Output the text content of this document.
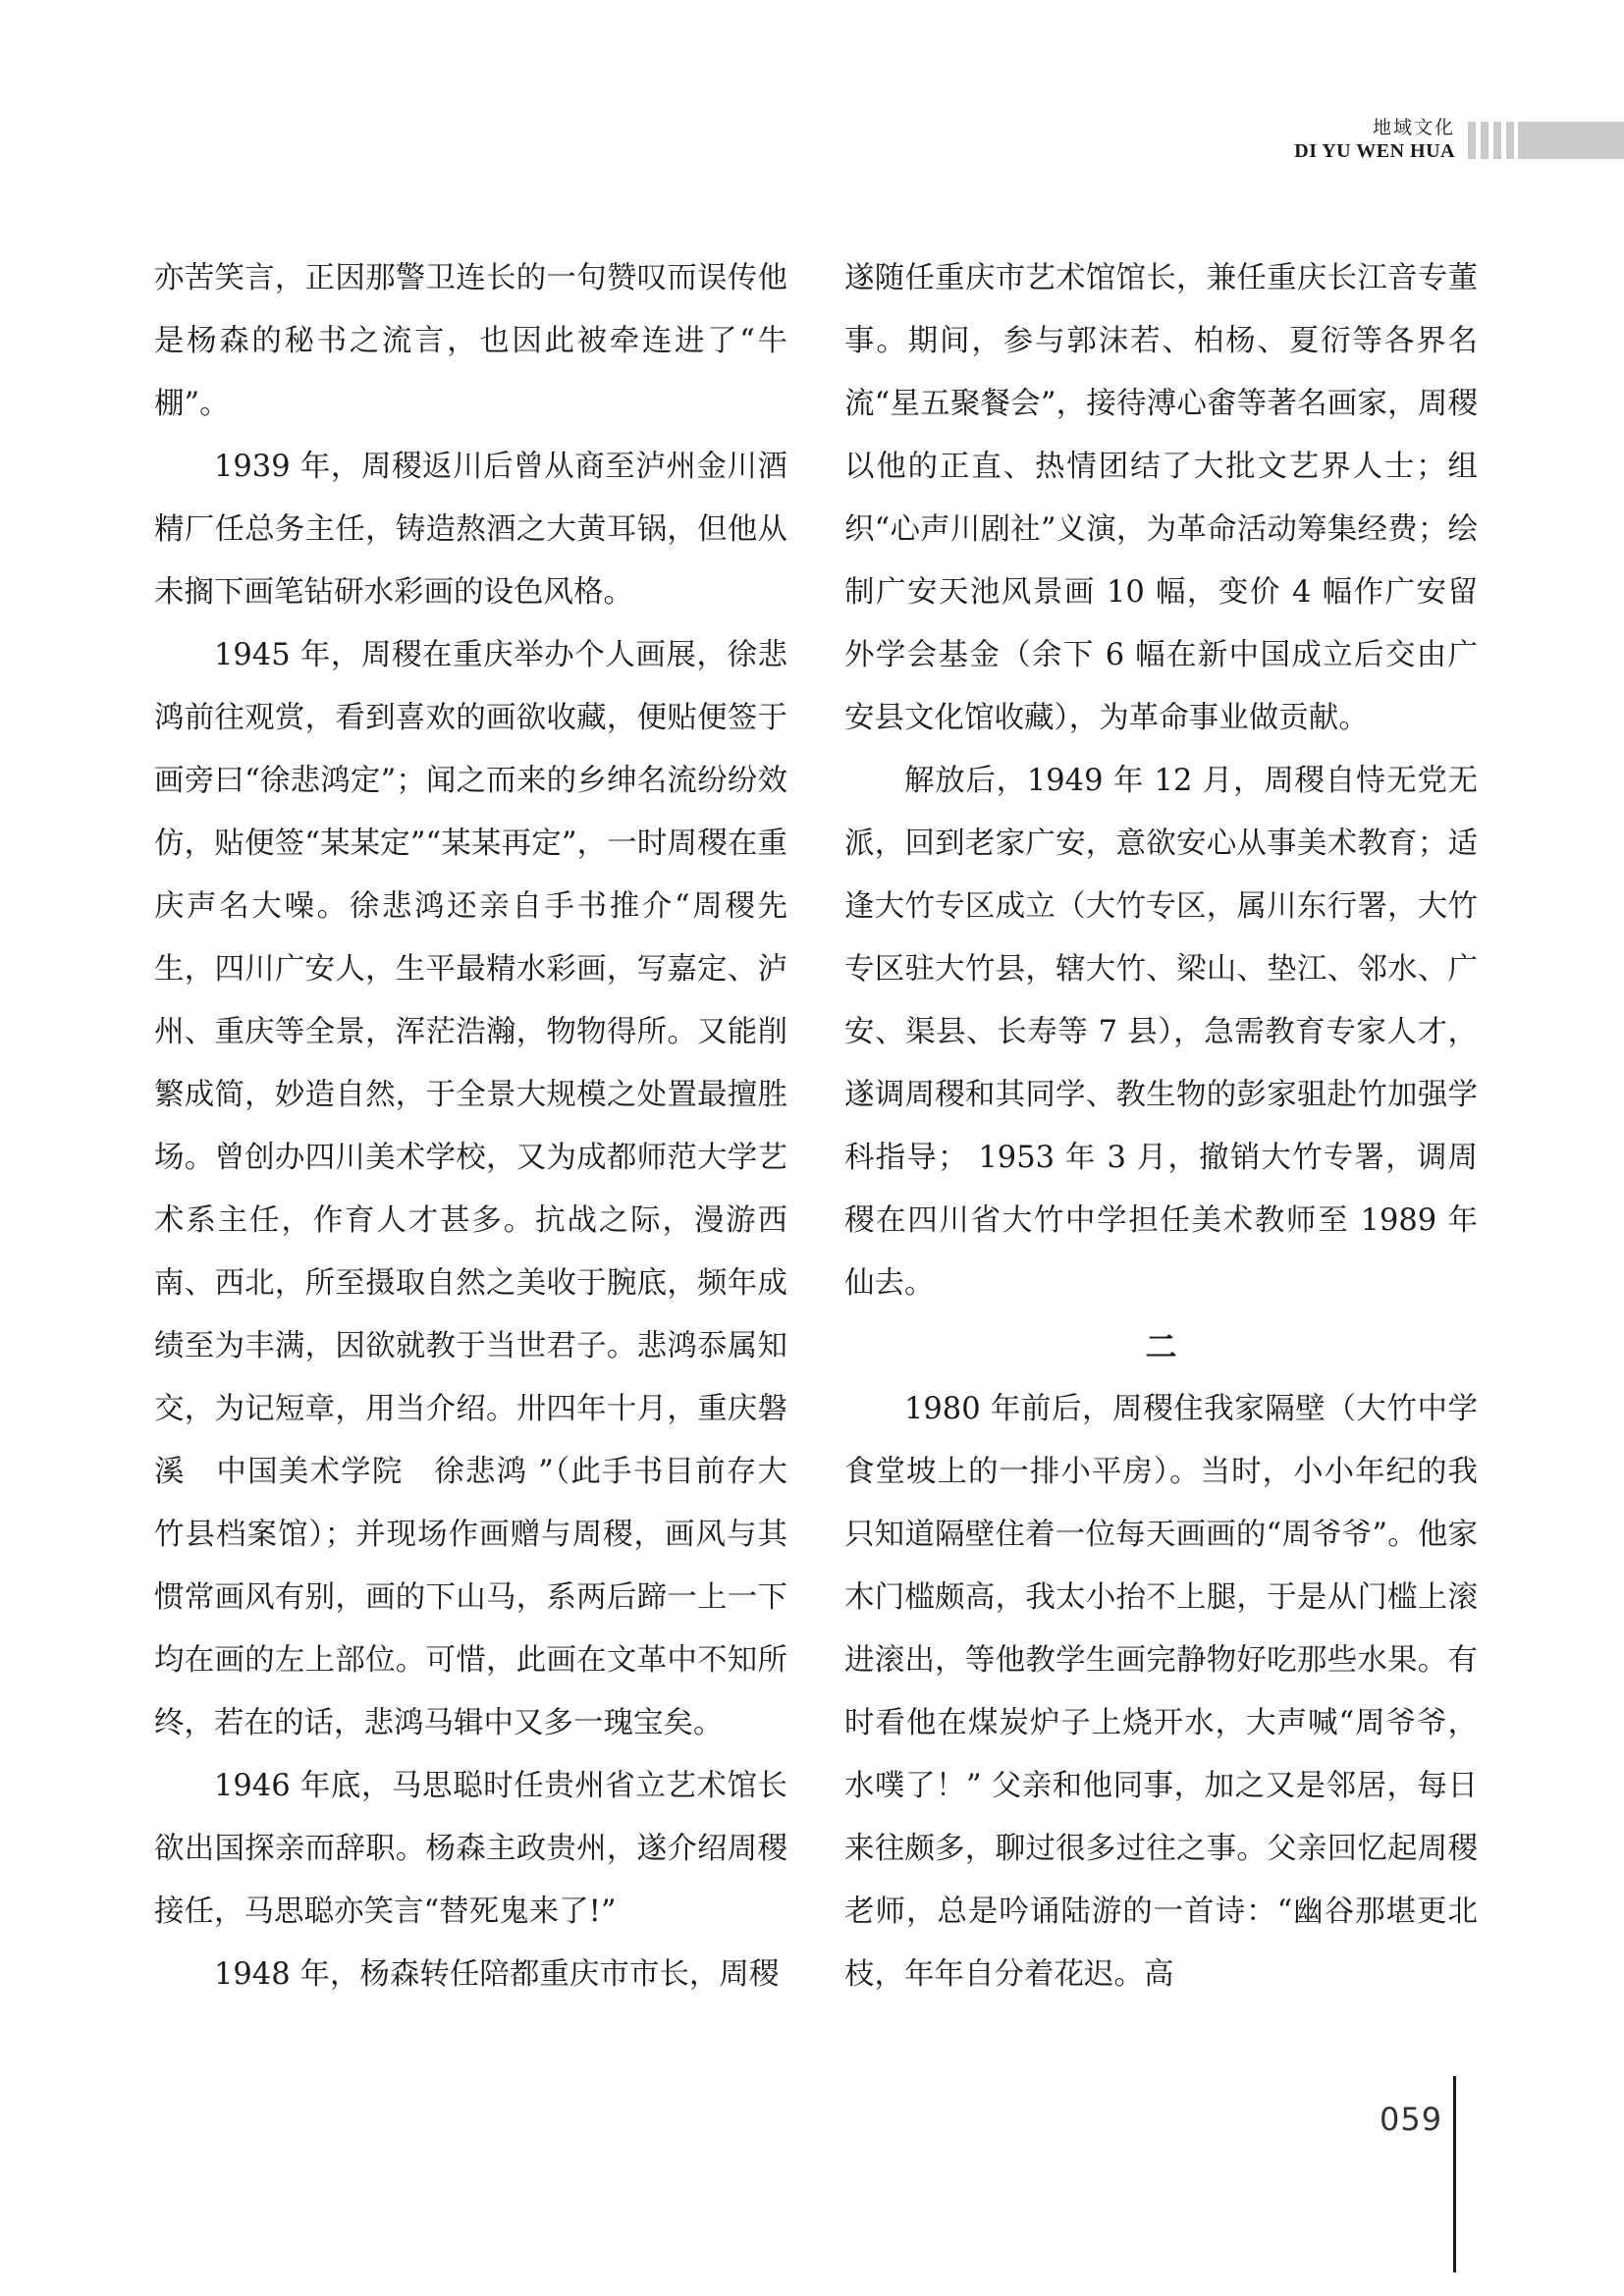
地域文化
DI YU WEN HUA

亦苦笑言，正因那警卫连长的一句赞叹而误传他是杨森的秘书之流言，也因此被牵连进了“牛棚”。

1939 年，周稷返川后曾从商至泸州金川酒精厂任总务主任，铸造熬酒之大黄耳锅，但他从未搁下画笔钻研水彩画的设色风格。

1945 年，周稷在重庆举办个人画展，徐悲鸿前往观赏，看到喜欢的画欲收藏，便贴便签于画旁曰“徐悲鸿定”；闻之而来的乡绅名流纷纷效仿，贴便签“某某定”“某某再定”，一时周稷在重庆声名大噪。徐悲鸿还亲自手书推介“周稷先生，四川广安人，生平最精水彩画，写嘉定、泸州、重庆等全景，浑茫浩瀚，物物得所。又能削繁成简，妙造自然，于全景大规模之处置最擅胜场。曾创办四川美术学校，又为成都师范大学艺术系主任，作育人才甚多。抗战之际，漫游西南、西北，所至摄取自然之美收于腕底，频年成绩至为丰满，因欲就教于当世君子。悲鸿忝属知交，为记短章，用当介绍。卅四年十月，重庆磐溪　中国美术学院　徐悲鸿 ”（此手书目前存大竹县档案馆）；并现场作画赠与周稷，画风与其惯常画风有别，画的下山马，系两后蹄一上一下均在画的左上部位。可惜，此画在文革中不知所终，若在的话，悲鸿马辑中又多一瑰宝矣。

1946 年底，马思聪时任贵州省立艺术馆长欲出国探亲而辞职。杨森主政贵州，遂介绍周稷接任，马思聪亦笑言“替死鬼来了!”

1948 年，杨森转任陪都重庆市市长，周稷

遂随任重庆市艺术馆馆长，兼任重庆长江音专董事。期间，参与郭沫若、柏杨、夏衍等各界名流“星五聚餐会”，接待溥心畬等著名画家，周稷以他的正直、热情团结了大批文艺界人士；组织“心声川剧社”义演，为革命活动筹集经费；绘制广安天池风景画 10 幅，变价 4 幅作广安留外学会基金（余下 6 幅在新中国成立后交由广安县文化馆收藏），为革命事业做贡献。

解放后，1949 年 12 月，周稷自恃无党无派，回到老家广安，意欲安心从事美术教育；适逢大竹专区成立（大竹专区，属川东行署，大竹专区驻大竹县，辖大竹、梁山、垫江、邻水、广安、渠县、长寿等 7 县），急需教育专家人才，遂调周稷和其同学、教生物的彭家驵赴竹加强学科指导； 1953 年 3 月，撤销大竹专署，调周稷在四川省大竹中学担任美术教师至 1989 年仙去。

二

1980 年前后，周稷住我家隔壁（大竹中学食堂坡上的一排小平房）。当时，小小年纪的我只知道隔壁住着一位每天画画的“周爷爷”。他家木门槛颇高，我太小抬不上腿，于是从门槛上滚进滚出，等他教学生画完静物好吃那些水果。有时看他在煤炭炉子上烧开水，大声喊“周爷爷，水噗了！” 父亲和他同事，加之又是邻居，每日来往颇多，聊过很多过往之事。父亲回忆起周稷老师，总是吟诵陆游的一首诗：“幽谷那堪更北枝，年年自分着花迟。高

059
